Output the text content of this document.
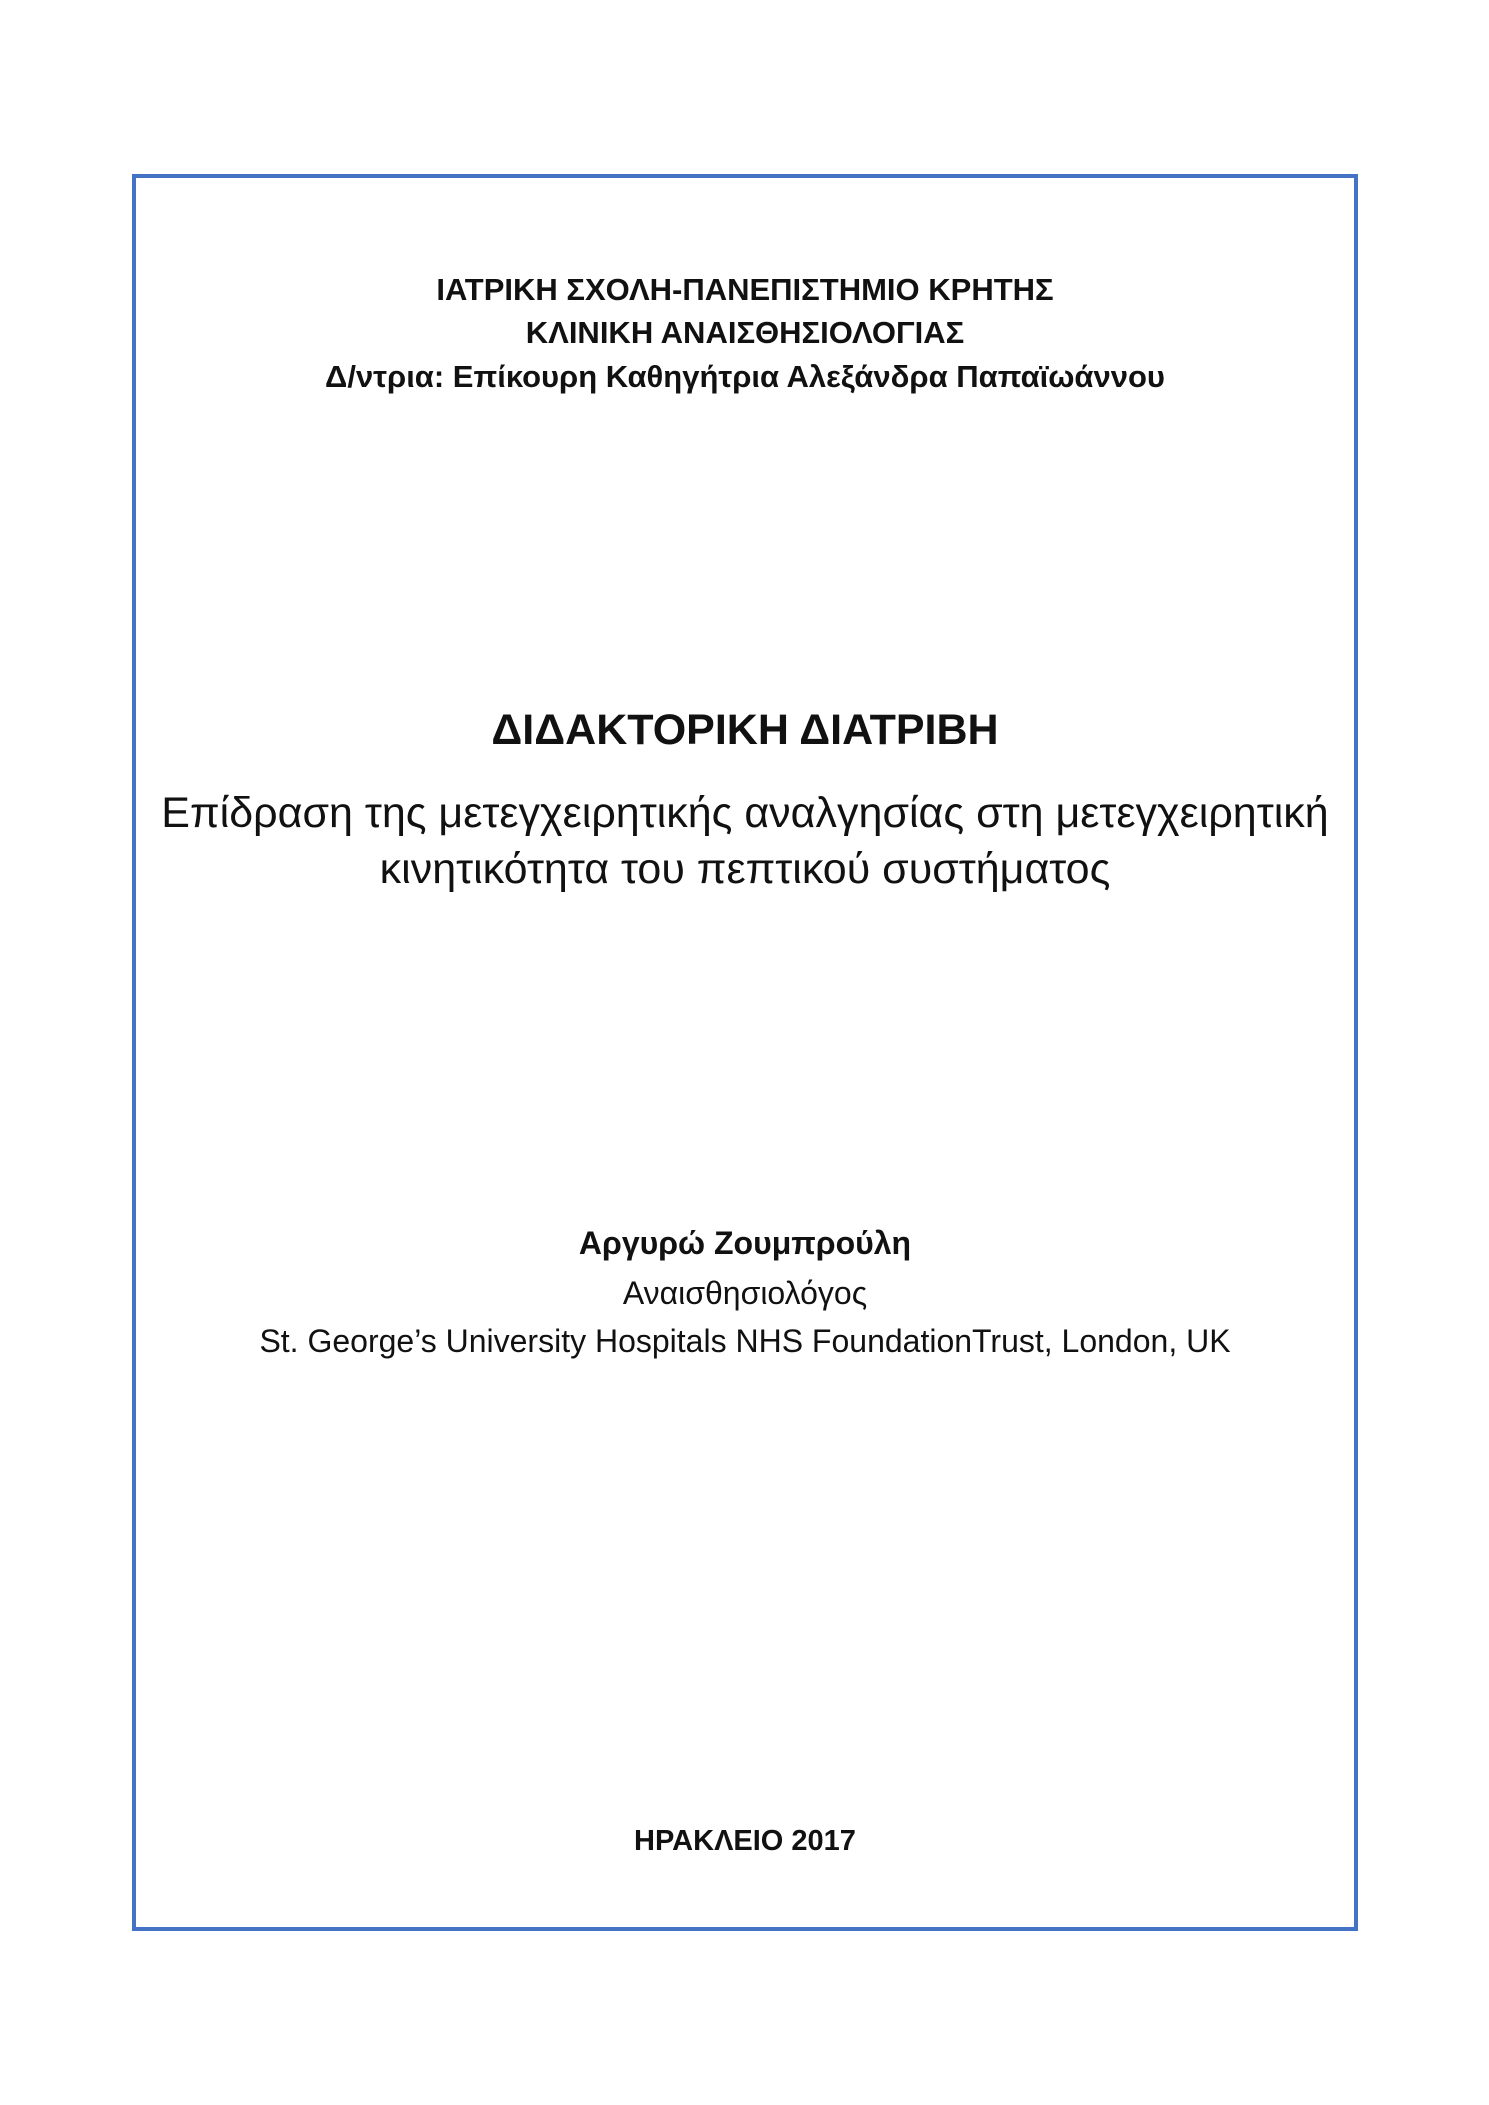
ΙΑΤΡΙΚΗ ΣΧΟΛΗ-ΠΑΝΕΠΙΣΤΗΜΙΟ ΚΡΗΤΗΣ
ΚΛΙΝΙΚΗ ΑΝΑΙΣΘΗΣΙΟΛΟΓΙΑΣ
Δ/ντρια: Επίκουρη Καθηγήτρια Αλεξάνδρα Παπαϊωάννου
ΔΙΔΑΚΤΟΡΙΚΗ ΔΙΑΤΡΙΒΗ
Επίδραση της μετεγχειρητικής αναλγησίας στη μετεγχειρητική
κινητικότητα του πεπτικού συστήματος
Αργυρώ Ζουμπρούλη
Αναισθησιολόγος
St. George’s University Hospitals NHS FoundationTrust, London, UK
ΗΡΑΚΛΕΙΟ 2017
